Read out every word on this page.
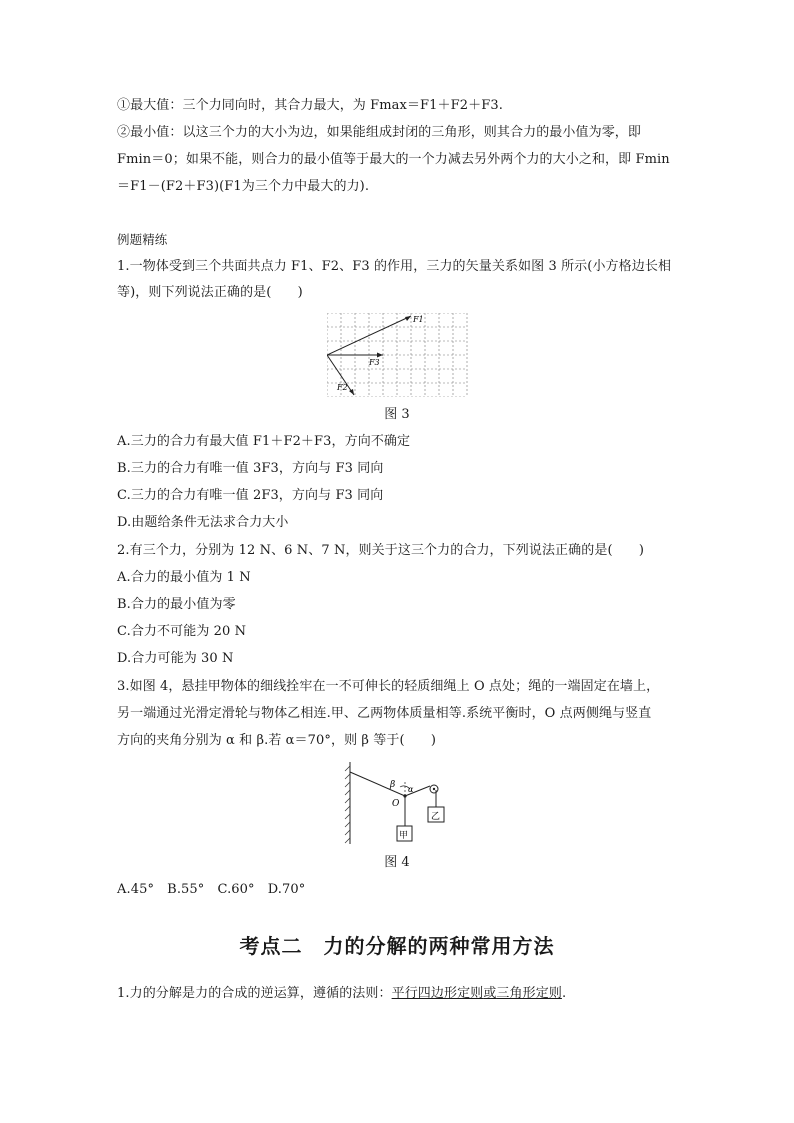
①最大值：三个力同向时，其合力最大，为 Fmax＝F1＋F2＋F3.
②最小值：以这三个力的大小为边，如果能组成封闭的三角形，则其合力的最小值为零，即
Fmin＝0；如果不能，则合力的最小值等于最大的一个力减去另外两个力的大小之和，即 Fmin
＝F1－(F2＋F3)(F1为三个力中最大的力).
例题精练
1.一物体受到三个共面共点力 F1、F2、F3 的作用，三力的矢量关系如图 3 所示(小方格边长相
等)，则下列说法正确的是(　　)
F1
F3
F2
图 3
A.三力的合力有最大值 F1＋F2＋F3，方向不确定
B.三力的合力有唯一值 3F3，方向与 F3 同向
C.三力的合力有唯一值 2F3，方向与 F3 同向
D.由题给条件无法求合力大小
2.有三个力，分别为 12 N、6 N、7 N，则关于这三个力的合力，下列说法正确的是(　　)
A.合力的最小值为 1 N
B.合力的最小值为零
C.合力不可能为 20 N
D.合力可能为 30 N
3.如图 4，悬挂甲物体的细线拴牢在一不可伸长的轻质细绳上 O 点处；绳的一端固定在墙上，
另一端通过光滑定滑轮与物体乙相连.甲、乙两物体质量相等.系统平衡时，O 点两侧绳与竖直
方向的夹角分别为 α 和 β.若 α＝70°，则 β 等于(　　)
β α
O
甲
乙
图 4
A.45°　B.55°　C.60°　D.70°
考点二　力的分解的两种常用方法
1.力的分解是力的合成的逆运算，遵循的法则：平行四边形定则或三角形定则.
